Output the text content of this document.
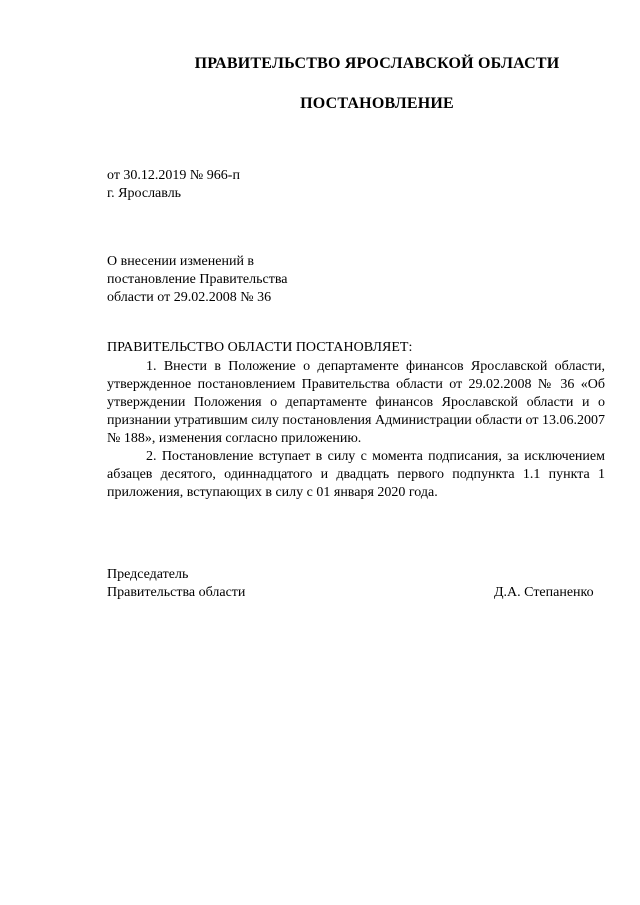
ПРАВИТЕЛЬСТВО ЯРОСЛАВСКОЙ ОБЛАСТИ
ПОСТАНОВЛЕНИЕ
от 30.12.2019 № 966-п
г. Ярославль
О внесении изменений в
постановление Правительства
области от 29.02.2008 № 36
ПРАВИТЕЛЬСТВО ОБЛАСТИ ПОСТАНОВЛЯЕТ:
1. Внести в Положение о департаменте финансов Ярославской области, утвержденное постановлением Правительства области от 29.02.2008 № 36 «Об утверждении Положения о департаменте финансов Ярославской области и о признании утратившим силу постановления Администрации области от 13.06.2007 № 188», изменения согласно приложению.
2. Постановление вступает в силу с момента подписания, за исключением абзацев десятого, одиннадцатого и двадцать первого подпункта 1.1 пункта 1 приложения, вступающих в силу с 01 января 2020 года.
Председатель
Правительства области	Д.А. Степаненко
